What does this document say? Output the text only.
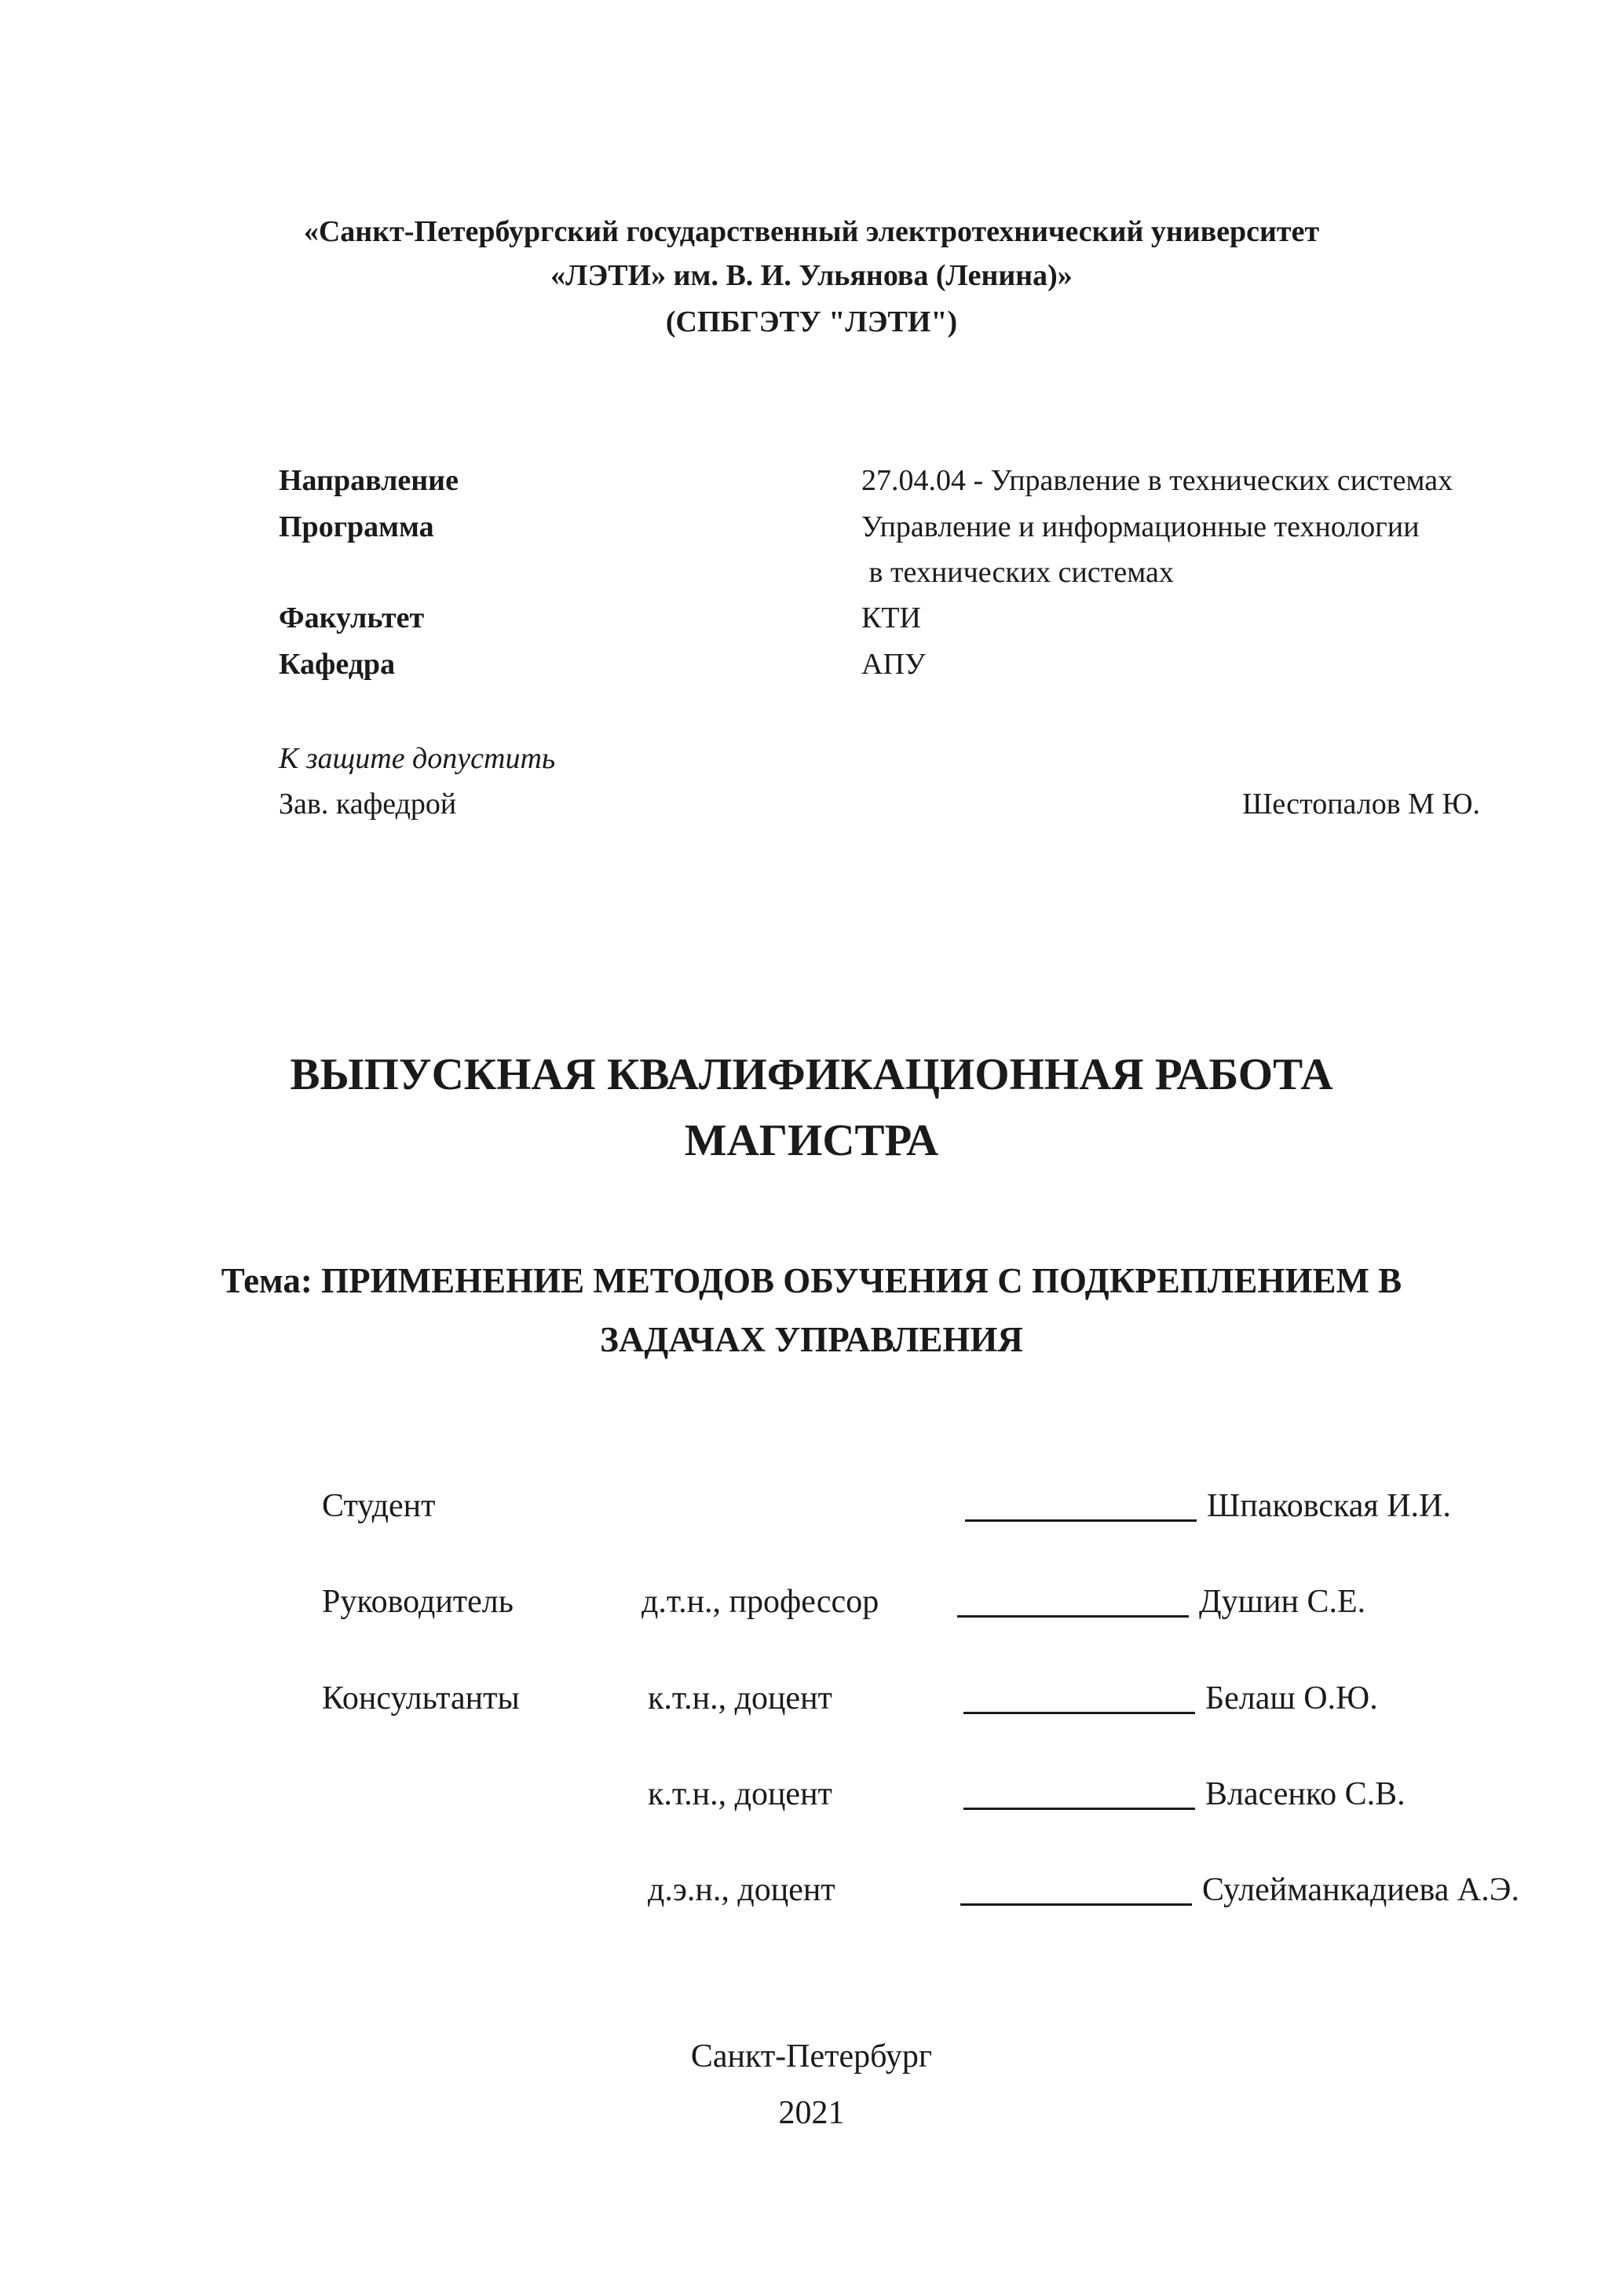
«Санкт-Петербургский государственный электротехнический университет
«ЛЭТИ» им. В. И. Ульянова (Ленина)»
(СПБГЭТУ "ЛЭТИ")
Направление	27.04.04 - Управление в технических системах
Программа	Управление и информационные технологии
в технических системах
Факультет	КТИ
Кафедра	АПУ
К защите допустить
Зав. кафедрой	Шестопалов М Ю.
ВЫПУСКНАЯ КВАЛИФИКАЦИОННАЯ РАБОТА
МАГИСТРА
Тема: ПРИМЕНЕНИЕ МЕТОДОВ ОБУЧЕНИЯ С ПОДКРЕПЛЕНИЕМ В
ЗАДАЧАХ УПРАВЛЕНИЯ
Студент	Шпаковская И.И.
Руководитель	д.т.н., профессор	Душин С.Е.
Консультанты	к.т.н., доцент	Белаш О.Ю.
к.т.н., доцент	Власенко С.В.
д.э.н., доцент	Сулейманкадиева А.Э.
Санкт-Петербург
2021
